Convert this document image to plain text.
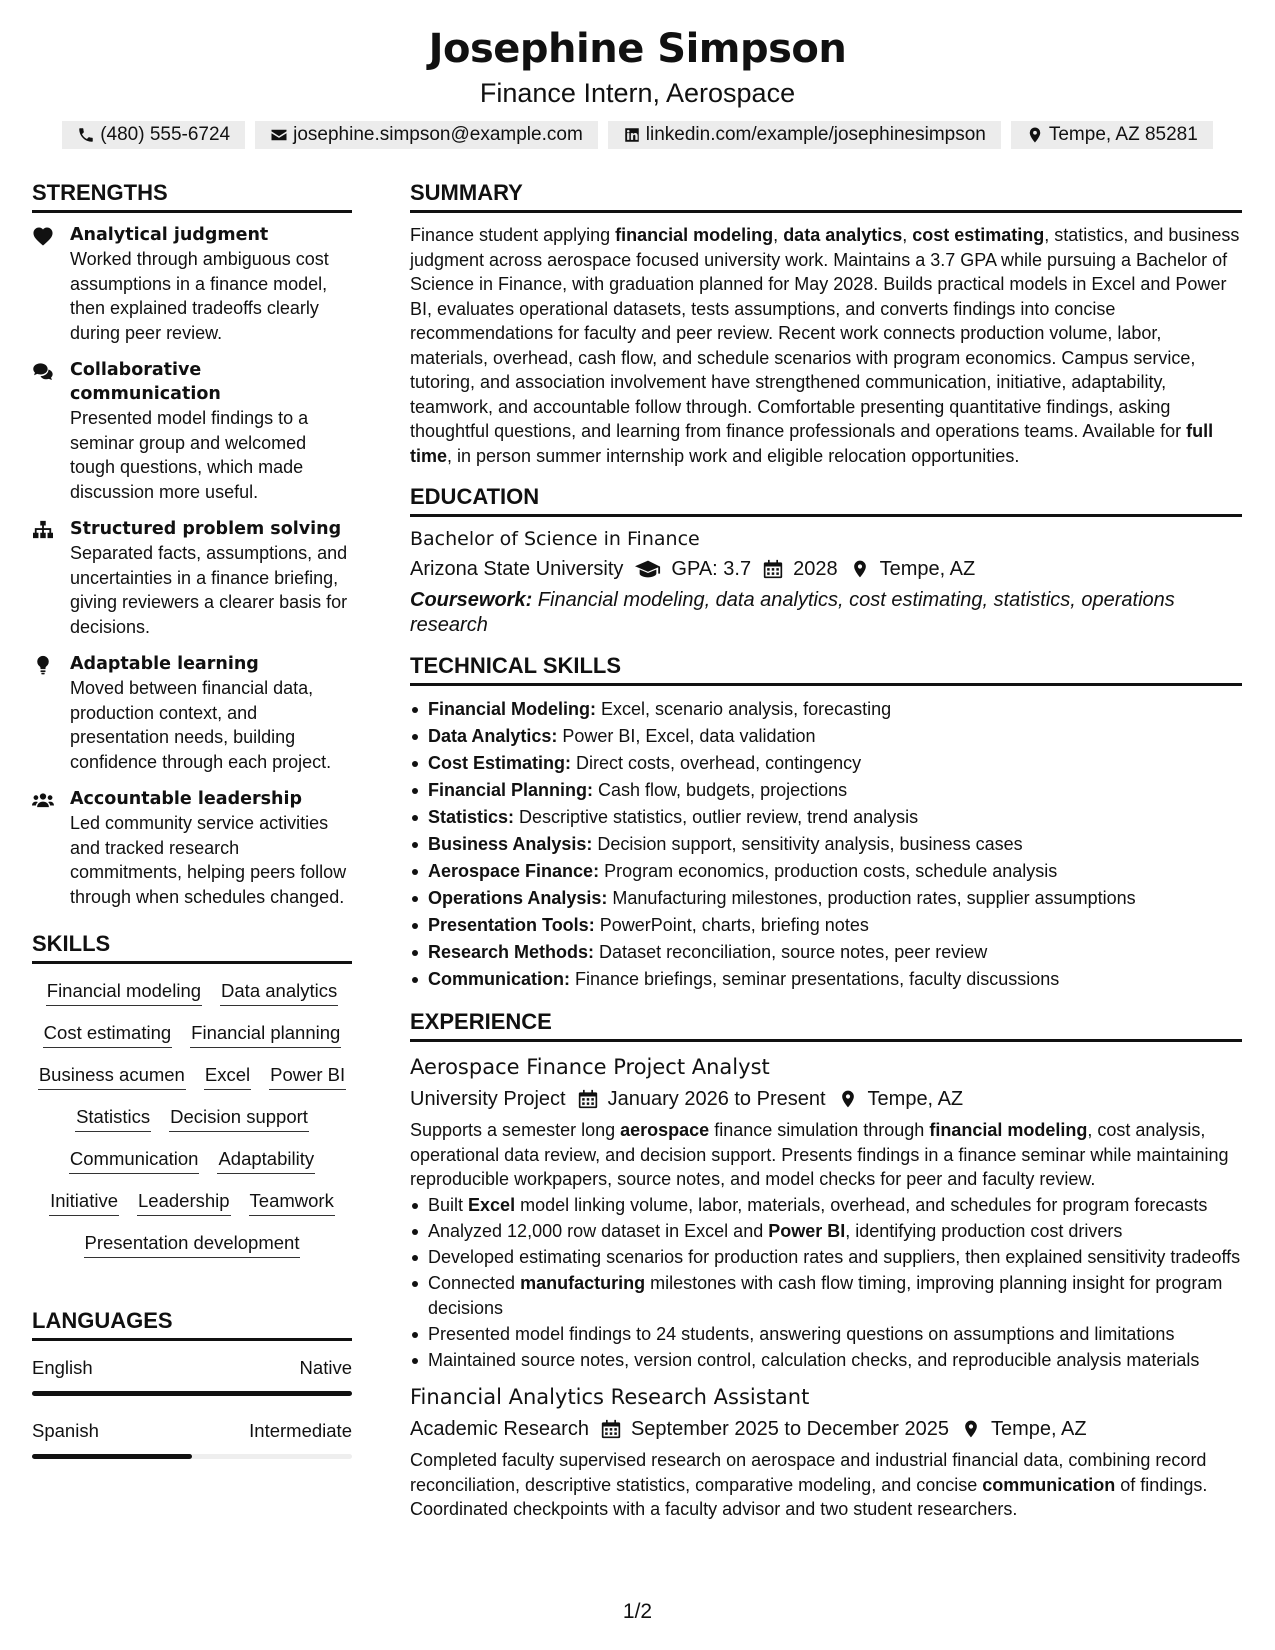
Josephine Simpson
Finance Intern, Aerospace
(480) 555-6724	josephine.simpson@example.com	linkedin.com/example/josephinesimpson	Tempe, AZ 85281
STRENGTHS
Analytical judgment
Worked through ambiguous cost assumptions in a finance model, then explained tradeoffs clearly during peer review.
Collaborative communication
Presented model findings to a seminar group and welcomed tough questions, which made discussion more useful.
Structured problem solving
Separated facts, assumptions, and uncertainties in a finance briefing, giving reviewers a clearer basis for decisions.
Adaptable learning
Moved between financial data, production context, and presentation needs, building confidence through each project.
Accountable leadership
Led community service activities and tracked research commitments, helping peers follow through when schedules changed.
SKILLS
Financial modeling Data analytics
Cost estimating Financial planning
Business acumen Excel Power BI
Statistics Decision support
Communication Adaptability
Initiative Leadership Teamwork
Presentation development
LANGUAGES
English	Native
Spanish	Intermediate
SUMMARY
Finance student applying financial modeling, data analytics, cost estimating, statistics, and business judgment across aerospace focused university work. Maintains a 3.7 GPA while pursuing a Bachelor of Science in Finance, with graduation planned for May 2028. Builds practical models in Excel and Power BI, evaluates operational datasets, tests assumptions, and converts findings into concise recommendations for faculty and peer review. Recent work connects production volume, labor, materials, overhead, cash flow, and schedule scenarios with program economics. Campus service, tutoring, and association involvement have strengthened communication, initiative, adaptability, teamwork, and accountable follow through. Comfortable presenting quantitative findings, asking thoughtful questions, and learning from finance professionals and operations teams. Available for full time, in person summer internship work and eligible relocation opportunities.
EDUCATION
Bachelor of Science in Finance
Arizona State University GPA: 3.7 2028 Tempe, AZ
Coursework: Financial modeling, data analytics, cost estimating, statistics, operations research
TECHNICAL SKILLS
Financial Modeling: Excel, scenario analysis, forecasting
Data Analytics: Power BI, Excel, data validation
Cost Estimating: Direct costs, overhead, contingency
Financial Planning: Cash flow, budgets, projections
Statistics: Descriptive statistics, outlier review, trend analysis
Business Analysis: Decision support, sensitivity analysis, business cases
Aerospace Finance: Program economics, production costs, schedule analysis
Operations Analysis: Manufacturing milestones, production rates, supplier assumptions
Presentation Tools: PowerPoint, charts, briefing notes
Research Methods: Dataset reconciliation, source notes, peer review
Communication: Finance briefings, seminar presentations, faculty discussions
EXPERIENCE
Aerospace Finance Project Analyst
University Project January 2026 to Present Tempe, AZ
Supports a semester long aerospace finance simulation through financial modeling, cost analysis, operational data review, and decision support. Presents findings in a finance seminar while maintaining reproducible workpapers, source notes, and model checks for peer and faculty review.
Built Excel model linking volume, labor, materials, overhead, and schedules for program forecasts
Analyzed 12,000 row dataset in Excel and Power BI, identifying production cost drivers
Developed estimating scenarios for production rates and suppliers, then explained sensitivity tradeoffs
Connected manufacturing milestones with cash flow timing, improving planning insight for program decisions
Presented model findings to 24 students, answering questions on assumptions and limitations
Maintained source notes, version control, calculation checks, and reproducible analysis materials
Financial Analytics Research Assistant
Academic Research September 2025 to December 2025 Tempe, AZ
Completed faculty supervised research on aerospace and industrial financial data, combining record reconciliation, descriptive statistics, comparative modeling, and concise communication of findings. Coordinated checkpoints with a faculty advisor and two student researchers.
1/2
